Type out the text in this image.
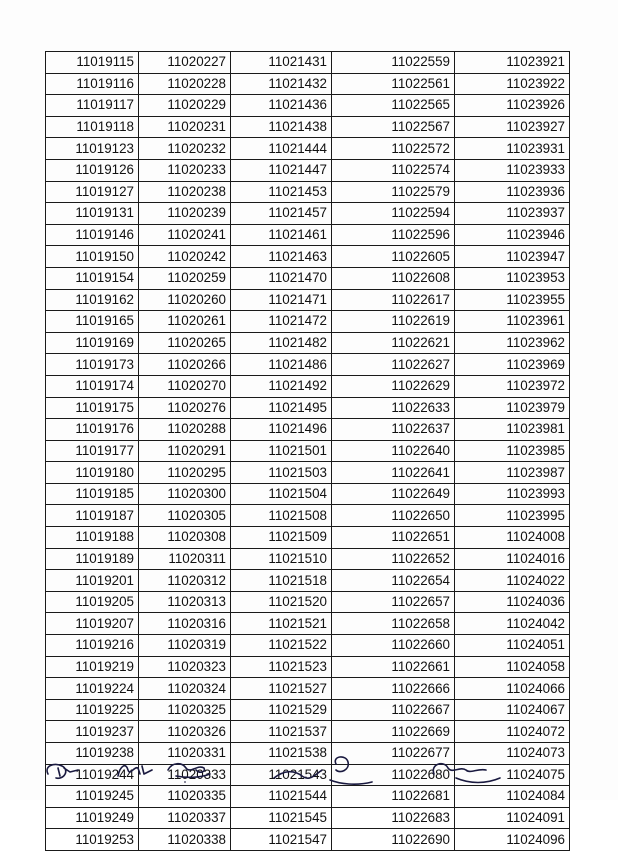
11019115	11020227	11021431	11022559	11023921
11019116	11020228	11021432	11022561	11023922
11019117	11020229	11021436	11022565	11023926
11019118	11020231	11021438	11022567	11023927
11019123	11020232	11021444	11022572	11023931
11019126	11020233	11021447	11022574	11023933
11019127	11020238	11021453	11022579	11023936
11019131	11020239	11021457	11022594	11023937
11019146	11020241	11021461	11022596	11023946
11019150	11020242	11021463	11022605	11023947
11019154	11020259	11021470	11022608	11023953
11019162	11020260	11021471	11022617	11023955
11019165	11020261	11021472	11022619	11023961
11019169	11020265	11021482	11022621	11023962
11019173	11020266	11021486	11022627	11023969
11019174	11020270	11021492	11022629	11023972
11019175	11020276	11021495	11022633	11023979
11019176	11020288	11021496	11022637	11023981
11019177	11020291	11021501	11022640	11023985
11019180	11020295	11021503	11022641	11023987
11019185	11020300	11021504	11022649	11023993
11019187	11020305	11021508	11022650	11023995
11019188	11020308	11021509	11022651	11024008
11019189	11020311	11021510	11022652	11024016
11019201	11020312	11021518	11022654	11024022
11019205	11020313	11021520	11022657	11024036
11019207	11020316	11021521	11022658	11024042
11019216	11020319	11021522	11022660	11024051
11019219	11020323	11021523	11022661	11024058
11019224	11020324	11021527	11022666	11024066
11019225	11020325	11021529	11022667	11024067
11019237	11020326	11021537	11022669	11024072
11019238	11020331	11021538	11022677	11024073
11019244	11020333	11021543	11022680	11024075
11019245	11020335	11021544	11022681	11024084
11019249	11020337	11021545	11022683	11024091
11019253	11020338	11021547	11022690	11024096
